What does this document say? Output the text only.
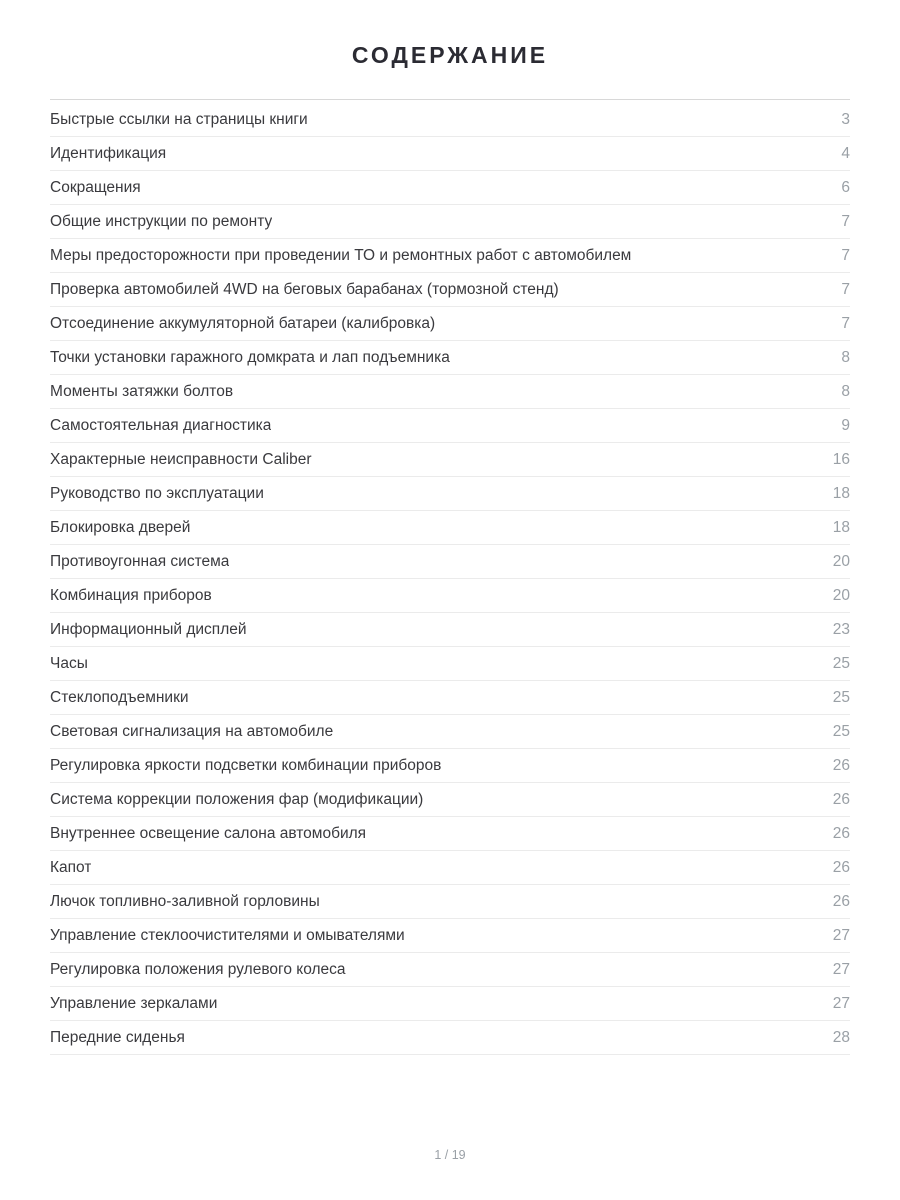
СОДЕРЖАНИЕ
Быстрые ссылки на страницы книги	3
Идентификация	4
Сокращения	6
Общие инструкции по ремонту	7
Меры предосторожности при проведении ТО и ремонтных работ с автомобилем	7
Проверка автомобилей 4WD на беговых барабанах (тормозной стенд)	7
Отсоединение аккумуляторной батареи (калибровка)	7
Точки установки гаражного домкрата и лап подъемника	8
Моменты затяжки болтов	8
Самостоятельная диагностика	9
Характерные неисправности Caliber	16
Руководство по эксплуатации	18
Блокировка дверей	18
Противоугонная система	20
Комбинация приборов	20
Информационный дисплей	23
Часы	25
Стеклоподъемники	25
Световая сигнализация на автомобиле	25
Регулировка яркости подсветки комбинации приборов	26
Система коррекции положения фар (модификации)	26
Внутреннее освещение салона автомобиля	26
Капот	26
Лючок топливно-заливной горловины	26
Управление стеклоочистителями и омывателями	27
Регулировка положения рулевого колеса	27
Управление зеркалами	27
Передние сиденья	28
1 / 19
